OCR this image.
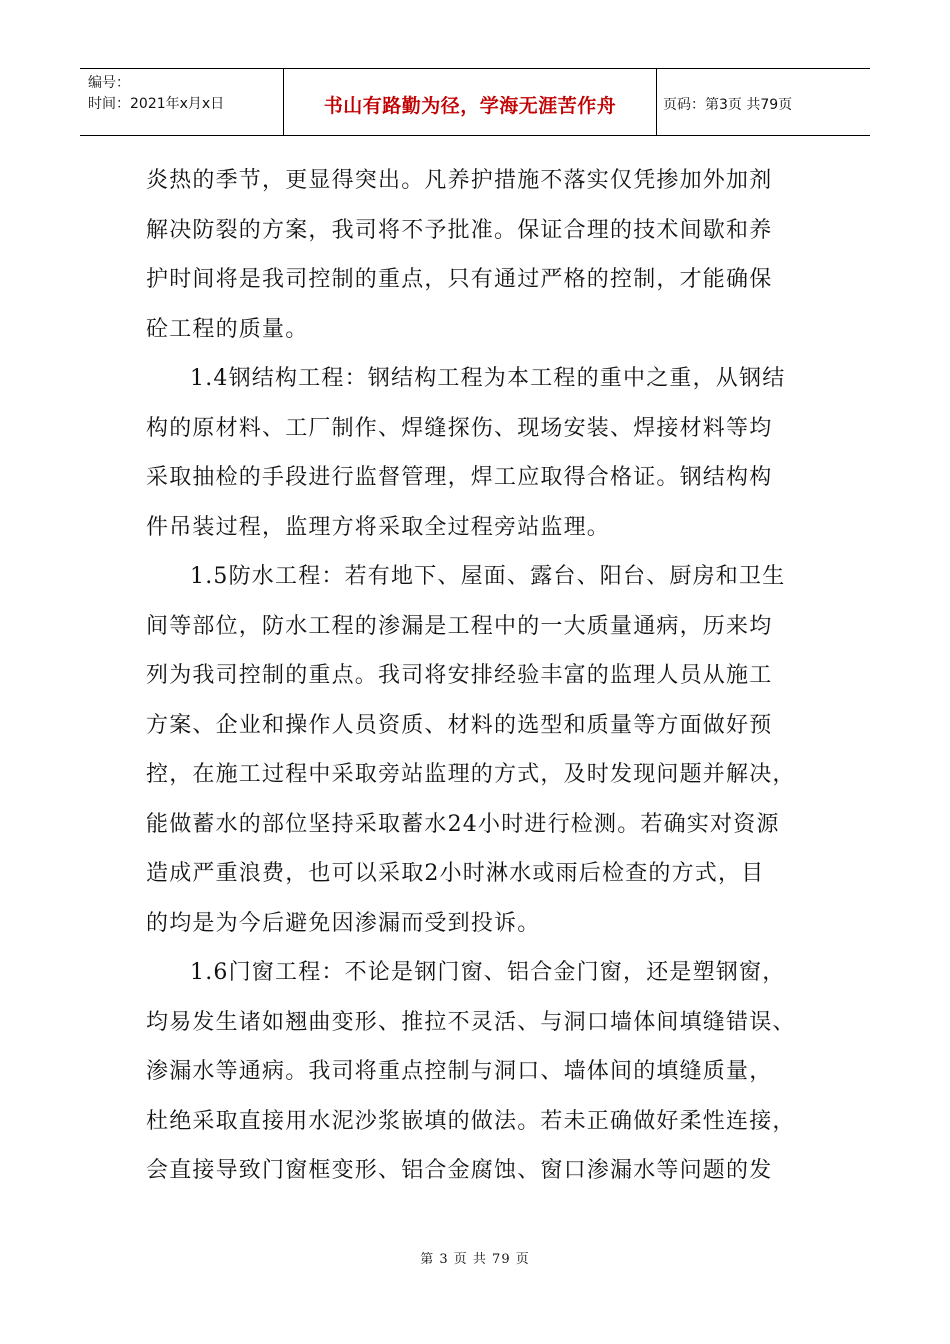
编号：
时间：2021年x月x日	书山有路勤为径，学海无涯苦作舟	页码：第3页 共79页
炎热的季节，更显得突出。凡养护措施不落实仅凭掺加外加剂
解决防裂的方案，我司将不予批准。保证合理的技术间歇和养
护时间将是我司控制的重点，只有通过严格的控制，才能确保
砼工程的质量。
1.4钢结构工程：钢结构工程为本工程的重中之重，从钢结
构的原材料、工厂制作、焊缝探伤、现场安装、焊接材料等均
采取抽检的手段进行监督管理，焊工应取得合格证。钢结构构
件吊装过程，监理方将采取全过程旁站监理。
1.5防水工程：若有地下、屋面、露台、阳台、厨房和卫生
间等部位，防水工程的渗漏是工程中的一大质量通病，历来均
列为我司控制的重点。我司将安排经验丰富的监理人员从施工
方案、企业和操作人员资质、材料的选型和质量等方面做好预
控，在施工过程中采取旁站监理的方式，及时发现问题并解决，
能做蓄水的部位坚持采取蓄水24小时进行检测。若确实对资源
造成严重浪费，也可以采取2小时淋水或雨后检查的方式，目
的均是为今后避免因渗漏而受到投诉。
1.6门窗工程：不论是钢门窗、铝合金门窗，还是塑钢窗，
均易发生诸如翘曲变形、推拉不灵活、与洞口墙体间填缝错误、
渗漏水等通病。我司将重点控制与洞口、墙体间的填缝质量，
杜绝采取直接用水泥沙浆嵌填的做法。若未正确做好柔性连接，
会直接导致门窗框变形、铝合金腐蚀、窗口渗漏水等问题的发
第 3 页 共 79 页
